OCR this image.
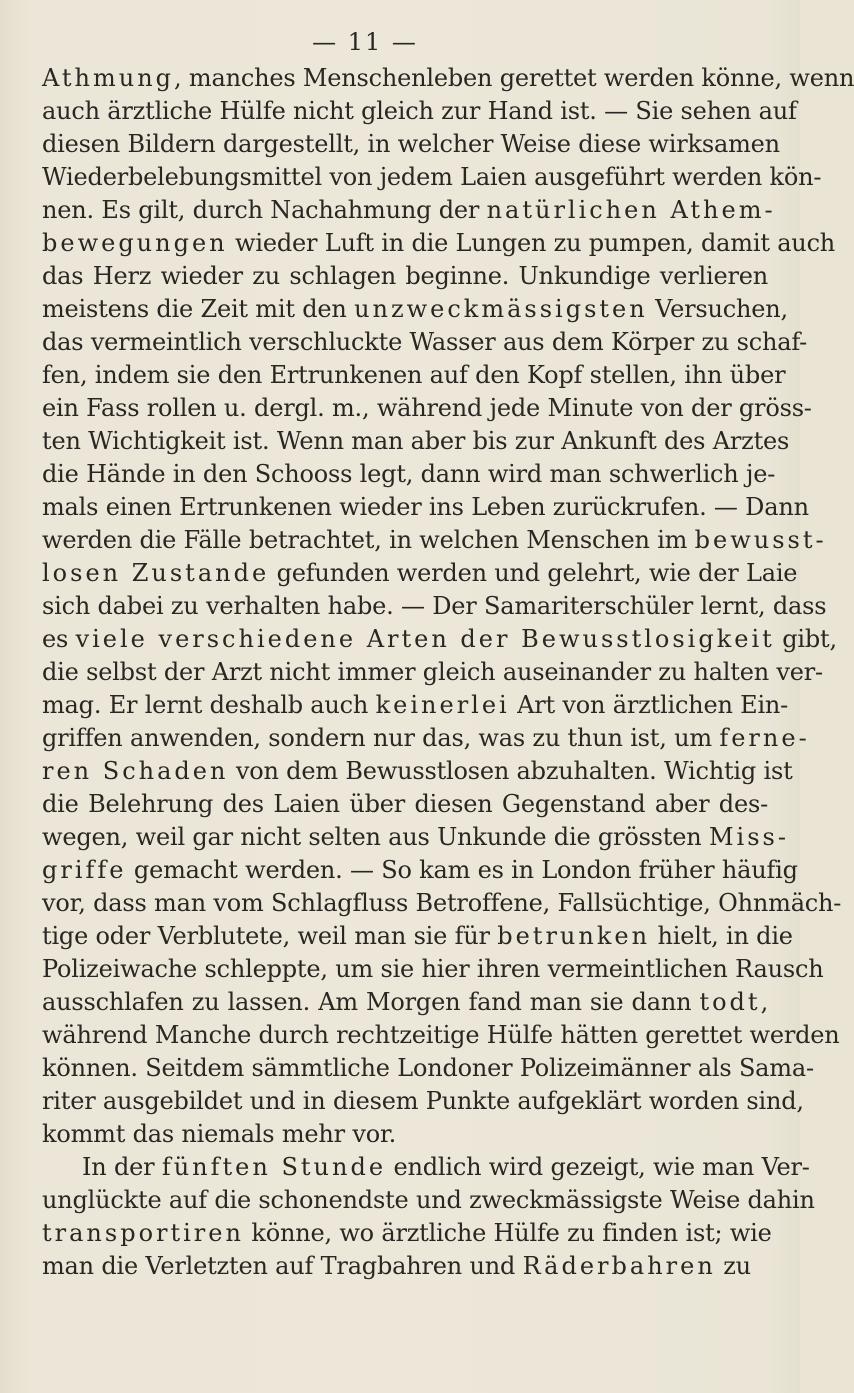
— 11 —
Athmung, manches Menschenleben gerettet werden könne, wenn
auch ärztliche Hülfe nicht gleich zur Hand ist. — Sie sehen auf
diesen Bildern dargestellt, in welcher Weise diese wirksamen
Wiederbelebungsmittel von jedem Laien ausgeführt werden kön-
nen. Es gilt, durch Nachahmung der natürlichen Athem-
bewegungen wieder Luft in die Lungen zu pumpen, damit auch
das Herz wieder zu schlagen beginne. Unkundige verlieren
meistens die Zeit mit den unzweckmässigsten Versuchen,
das vermeintlich verschluckte Wasser aus dem Körper zu schaf-
fen, indem sie den Ertrunkenen auf den Kopf stellen, ihn über
ein Fass rollen u. dergl. m., während jede Minute von der gröss-
ten Wichtigkeit ist. Wenn man aber bis zur Ankunft des Arztes
die Hände in den Schooss legt, dann wird man schwerlich je-
mals einen Ertrunkenen wieder ins Leben zurückrufen. — Dann
werden die Fälle betrachtet, in welchen Menschen im bewusst-
losen Zustande gefunden werden und gelehrt, wie der Laie
sich dabei zu verhalten habe. — Der Samariterschüler lernt, dass
es viele verschiedene Arten der Bewusstlosigkeit gibt,
die selbst der Arzt nicht immer gleich auseinander zu halten ver-
mag. Er lernt deshalb auch keinerlei Art von ärztlichen Ein-
griffen anwenden, sondern nur das, was zu thun ist, um ferne-
ren Schaden von dem Bewusstlosen abzuhalten. Wichtig ist
die Belehrung des Laien über diesen Gegenstand aber des-
wegen, weil gar nicht selten aus Unkunde die grössten Miss-
griffe gemacht werden. — So kam es in London früher häufig
vor, dass man vom Schlagfluss Betroffene, Fallsüchtige, Ohnmäch-
tige oder Verblutete, weil man sie für betrunken hielt, in die
Polizeiwache schleppte, um sie hier ihren vermeintlichen Rausch
ausschlafen zu lassen. Am Morgen fand man sie dann todt,
während Manche durch rechtzeitige Hülfe hätten gerettet werden
können. Seitdem sämmtliche Londoner Polizeimänner als Sama-
riter ausgebildet und in diesem Punkte aufgeklärt worden sind,
kommt das niemals mehr vor.
In der fünften Stunde endlich wird gezeigt, wie man Ver-
unglückte auf die schonendste und zweckmässigste Weise dahin
transportiren könne, wo ärztliche Hülfe zu finden ist; wie
man die Verletzten auf Tragbahren und Räderbahren zu
